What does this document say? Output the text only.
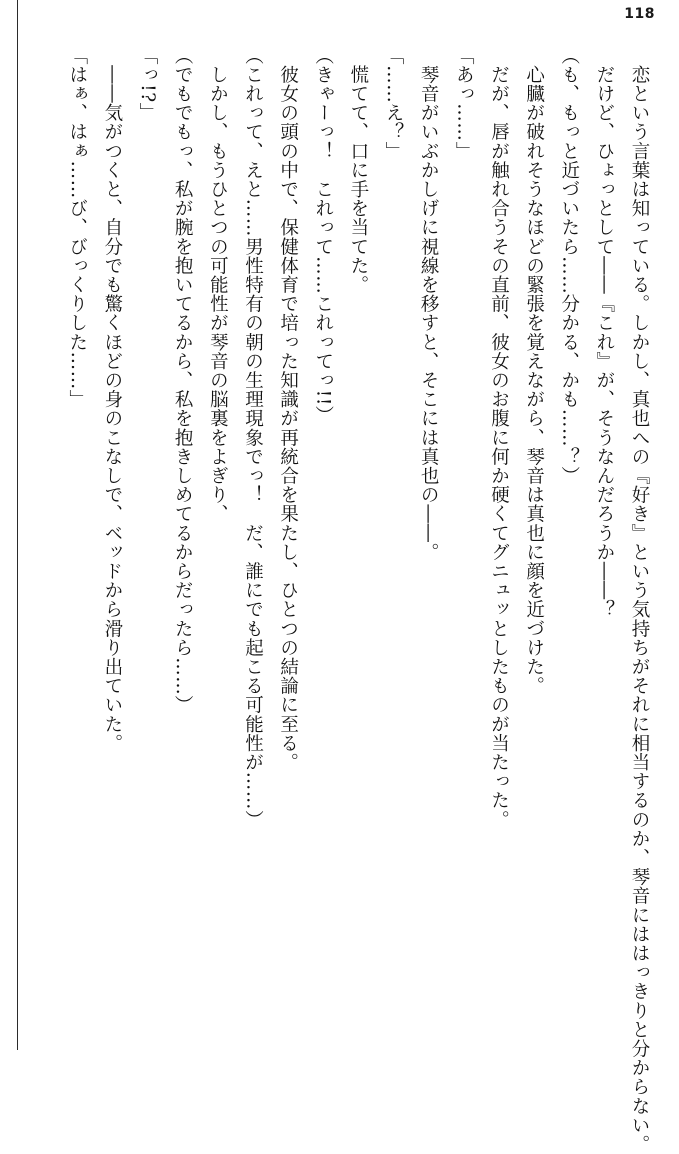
118

　恋という言葉は知っている。しかし、真也への『好き』という気持ちがそれに相当するのか、琴音にははっきりと分からない。

　だけど、ひょっとして――『これ』が、そうなんだろうか――？

（も、もっと近づいたら……分かる、かも……？）

　心臓が破れそうなほどの緊張を覚えながら、琴音は真也に顔を近づけた。

　だが、唇が触れ合うその直前、彼女のお腹に何か硬くてグニュッとしたものが当たった。

「あっ……」

　琴音がいぶかしげに視線を移すと、そこには真也の――。

「……え？」

　慌てて、口に手を当てた。

（きゃーっ！　これって……これってっ!!）

　彼女の頭の中で、保健体育で培った知識が再統合を果たし、ひとつの結論に至る。

（これって、えと……男性特有の朝の生理現象でっ！　だ、誰にでも起こる可能性が……）

　しかし、もうひとつの可能性が琴音の脳裏をよぎり、

（でもでもっ、私が腕を抱いてるから、私を抱きしめてるからだったら……）

「っ!?」

　――気がつくと、自分でも驚くほどの身のこなしで、ベッドから滑り出ていた。

「はぁ、はぁ……び、びっくりした……」
